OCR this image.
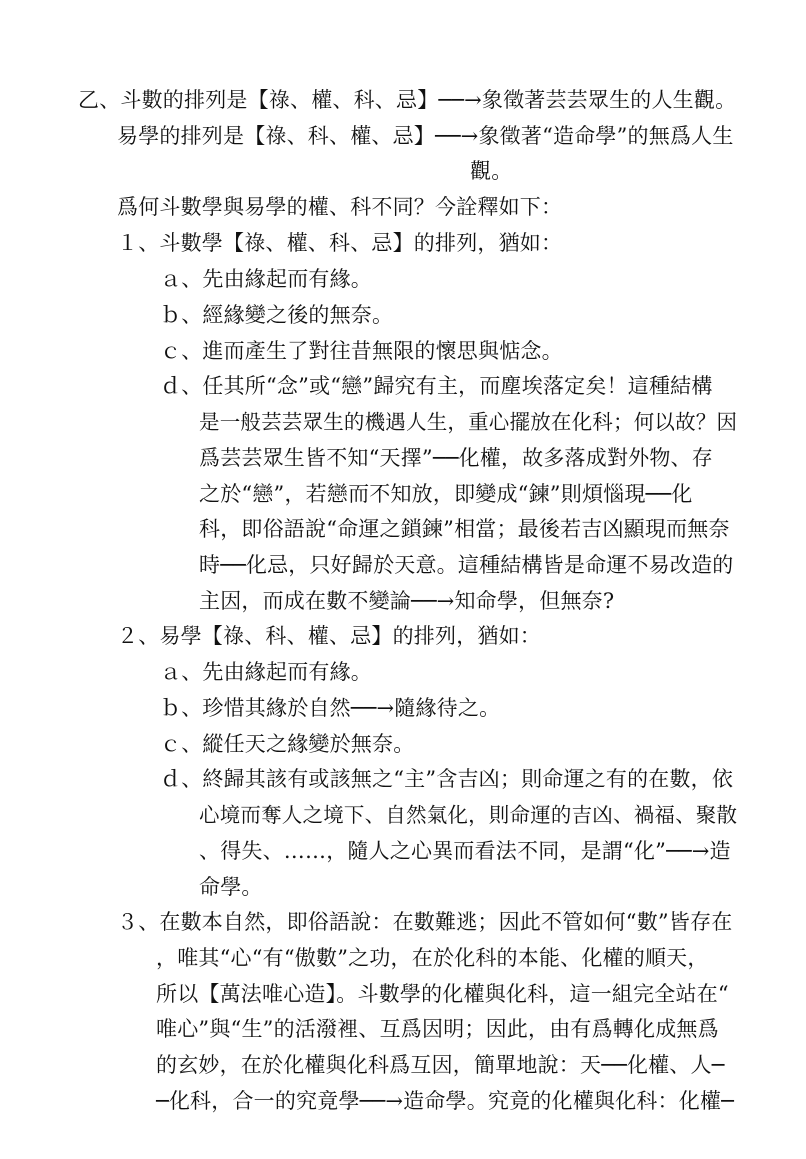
乙、斗數的排列是【祿、權、科、忌】──→象徵著芸芸眾生的人生觀。
易學的排列是【祿、科、權、忌】──→象徵著“造命學”的無爲人生
觀。
爲何斗數學與易學的權、科不同？今詮釋如下：
１、斗數學【祿、權、科、忌】的排列，猶如：
ａ、先由緣起而有緣。
ｂ、經緣變之後的無奈。
ｃ、進而產生了對往昔無限的懷思與惦念。
ｄ、任其所“念”或“戀”歸究有主，而塵埃落定矣！這種結構
是一般芸芸眾生的機遇人生，重心擺放在化科；何以故？因
爲芸芸眾生皆不知“天擇”──化權，故多落成對外物、存
之於“戀”，若戀而不知放，即變成“鍊”則煩惱現──化
科，即俗語說“命運之鎖鍊”相當；最後若吉凶顯現而無奈
時──化忌，只好歸於天意。這種結構皆是命運不易改造的
主因，而成在數不變論──→知命學，但無奈?
２、易學【祿、科、權、忌】的排列，猶如：
ａ、先由緣起而有緣。
ｂ、珍惜其緣於自然──→隨緣待之。
ｃ、縱任天之緣變於無奈。
ｄ、終歸其該有或該無之“主”含吉凶；則命運之有的在數，依
心境而奪人之境下、自然氣化，則命運的吉凶、禍福、聚散
、得失、……，隨人之心異而看法不同，是謂“化”──→造
命學。
３、在數本自然，即俗語說：在數難逃；因此不管如何“數”皆存在
，唯其“心“有“傲數”之功，在於化科的本能、化權的順天，
所以【萬法唯心造】。斗數學的化權與化科，這一組完全站在“
唯心”與“生”的活潑裡、互爲因明；因此，由有爲轉化成無爲
的玄妙，在於化權與化科爲互因，簡單地說：天──化權、人─
─化科，合一的究竟學──→造命學。究竟的化權與化科：化權─
